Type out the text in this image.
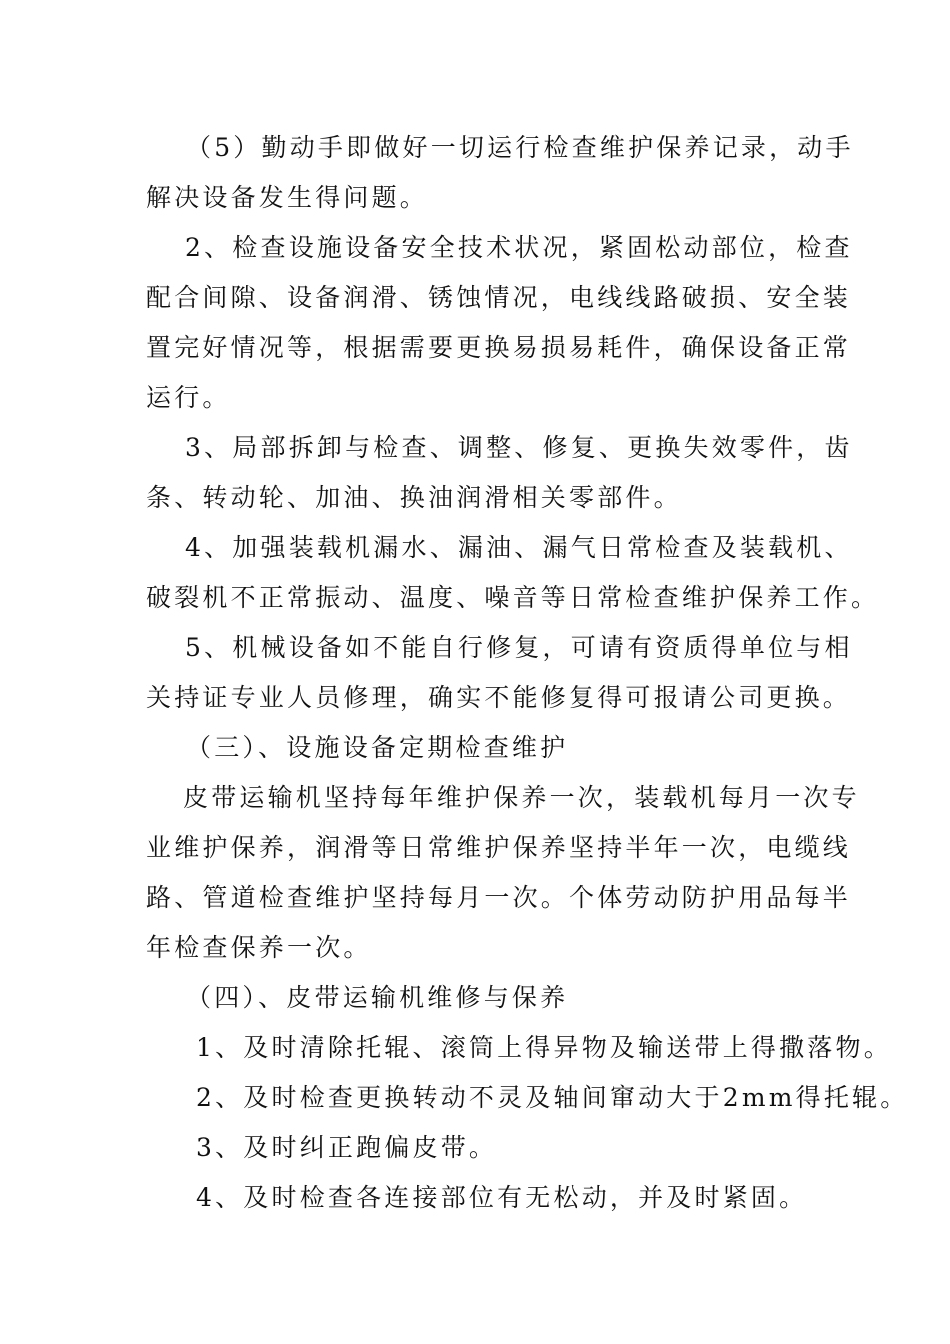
（5）勤动手即做好一切运行检查维护保养记录，动手
解决设备发生得问题。
2、检查设施设备安全技术状况，紧固松动部位，检查
配合间隙、设备润滑、锈蚀情况，电线线路破损、安全装
置完好情况等，根据需要更换易损易耗件，确保设备正常
运行。
3、局部拆卸与检查、调整、修复、更换失效零件，齿
条、转动轮、加油、换油润滑相关零部件。
4、加强装载机漏水、漏油、漏气日常检查及装载机、
破裂机不正常振动、温度、噪音等日常检查维护保养工作。
5、机械设备如不能自行修复，可请有资质得单位与相
关持证专业人员修理，确实不能修复得可报请公司更换。
（三）、设施设备定期检查维护
皮带运输机坚持每年维护保养一次，装载机每月一次专
业维护保养，润滑等日常维护保养坚持半年一次，电缆线
路、管道检查维护坚持每月一次。个体劳动防护用品每半
年检查保养一次。
（四）、皮带运输机维修与保养
1、及时清除托辊、滚筒上得异物及输送带上得撒落物。
2、及时检查更换转动不灵及轴间窜动大于2mm得托辊。
3、及时纠正跑偏皮带。
4、及时检查各连接部位有无松动，并及时紧固。
